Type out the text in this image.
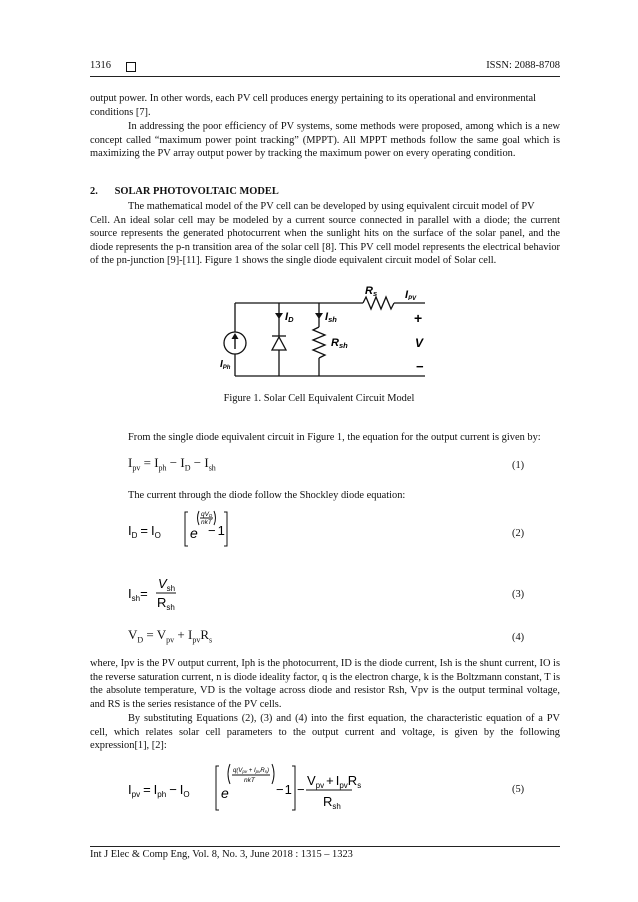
1316	ISSN: 2088-8708

output power. In other words, each PV cell produces energy pertaining to its operational and environmental
conditions [7].

In addressing the poor efficiency of PV systems, some methods were proposed, among which is a new concept called “maximum power point tracking” (MPPT). All MPPT methods follow the same goal which is maximizing the PV array output power by tracking the maximum power on every operating condition.

2. SOLAR PHOTOVOLTAIC MODEL

The mathematical model of the PV cell can be developed by using equivalent circuit model of PV
Cell. An ideal solar cell may be modeled by a current source connected in parallel with a diode; the current source represents the generated photocurrent when the sunlight hits on the surface of the solar panel, and the diode represents the p-n transition area of the solar cell [8]. This PV cell model represents the electrical behavior of the pn-junction [9]-[11]. Figure 1 shows the single diode equivalent circuit model of Solar cell.

Rs	IPV
ID	Ish
Rsh
+
V
−
$I_{Ph}$
Figure 1. Solar Cell Equivalent Circuit Model

From the single diode equivalent circuit in Figure 1, the equation for the output current is given by:

$I_{pv} = I_{ph} - I_D - I_{sh}$	(1)

The current through the diode follow the Shockley diode equation:

$I_D = I_O$ e
qVD
nkT
− 1	(2)
$I_{sh}=$
$V_{sh}$
$R_{sh}$
(3)
$V_D = V_{pv} + I_{pv}R_s$	(4)

where, Ipv is the PV output current, Iph is the photocurrent, ID is the diode current, Ish is the shunt current, IO is the reverse saturation current, n is diode ideality factor, q is the electron charge, k is the Boltzmann constant, T is the absolute temperature, VD is the voltage across diode and resistor Rsh, Vpv is the output terminal voltage, and RS is the series resistance of the PV cells.

By substituting Equations (2), (3) and (4) into the first equation, the characteristic equation of a PV cell, which relates solar cell parameters to the output current and voltage, is given by the following expression[1], [2]:

$I_{pv} = I_{ph} - I_O$ e
q(Vpv + IpvRs)
nkT
−1 −
$V_{pv} + I_{pv}R_s$
$R_{sh}$
(5)
Int J Elec & Comp Eng, Vol. 8, No. 3, June 2018 : 1315 – 1323
